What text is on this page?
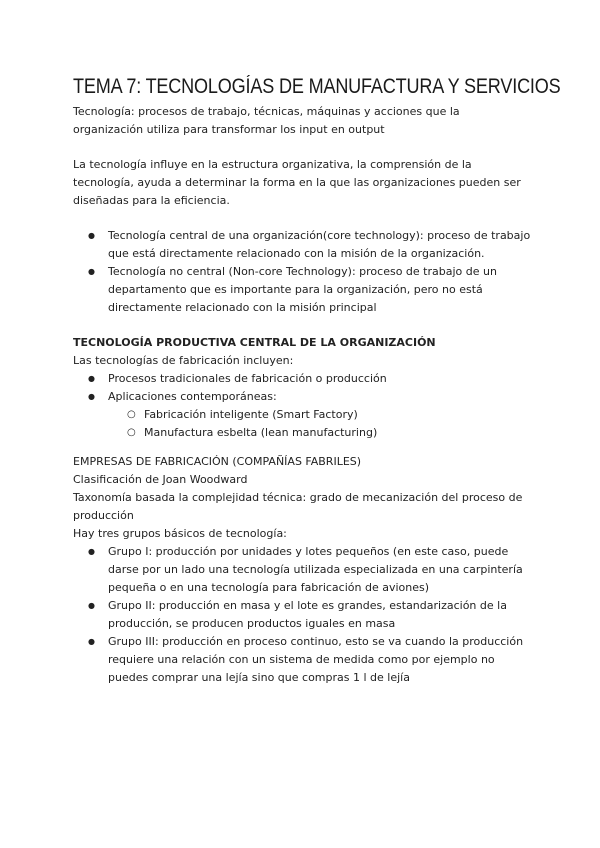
TEMA 7: TECNOLOGÍAS DE MANUFACTURA Y SERVICIOS

Tecnología: procesos de trabajo, técnicas, máquinas y acciones que la organización utiliza para transformar los input en output

La tecnología influye en la estructura organizativa, la comprensión de la tecnología, ayuda a determinar la forma en la que las organizaciones pueden ser diseñadas para la eficiencia.

● Tecnología central de una organización(core technology): proceso de trabajo que está directamente relacionado con la misión de la organización.
● Tecnología no central (Non-core Technology): proceso de trabajo de un departamento que es importante para la organización, pero no está directamente relacionado con la misión principal

TECNOLOGÍA PRODUCTIVA CENTRAL DE LA ORGANIZACIÓN

Las tecnologías de fabricación incluyen:

● Procesos tradicionales de fabricación o producción
● Aplicaciones contemporáneas:
○ Fabricación inteligente (Smart Factory)
○ Manufactura esbelta (lean manufacturing)

EMPRESAS DE FABRICACIÓN (COMPAÑÍAS FABRILES)

Clasificación de Joan Woodward

Taxonomía basada la complejidad técnica: grado de mecanización del proceso de producción

Hay tres grupos básicos de tecnología:

● Grupo I: producción por unidades y lotes pequeños (en este caso, puede darse por un lado una tecnología utilizada especializada en una carpintería pequeña o en una tecnología para fabricación de aviones)
● Grupo II: producción en masa y el lote es grandes, estandarización de la producción, se producen productos iguales en masa
● Grupo III: producción en proceso continuo, esto se va cuando la producción requiere una relación con un sistema de medida como por ejemplo no puedes comprar una lejía sino que compras 1 l de lejía
